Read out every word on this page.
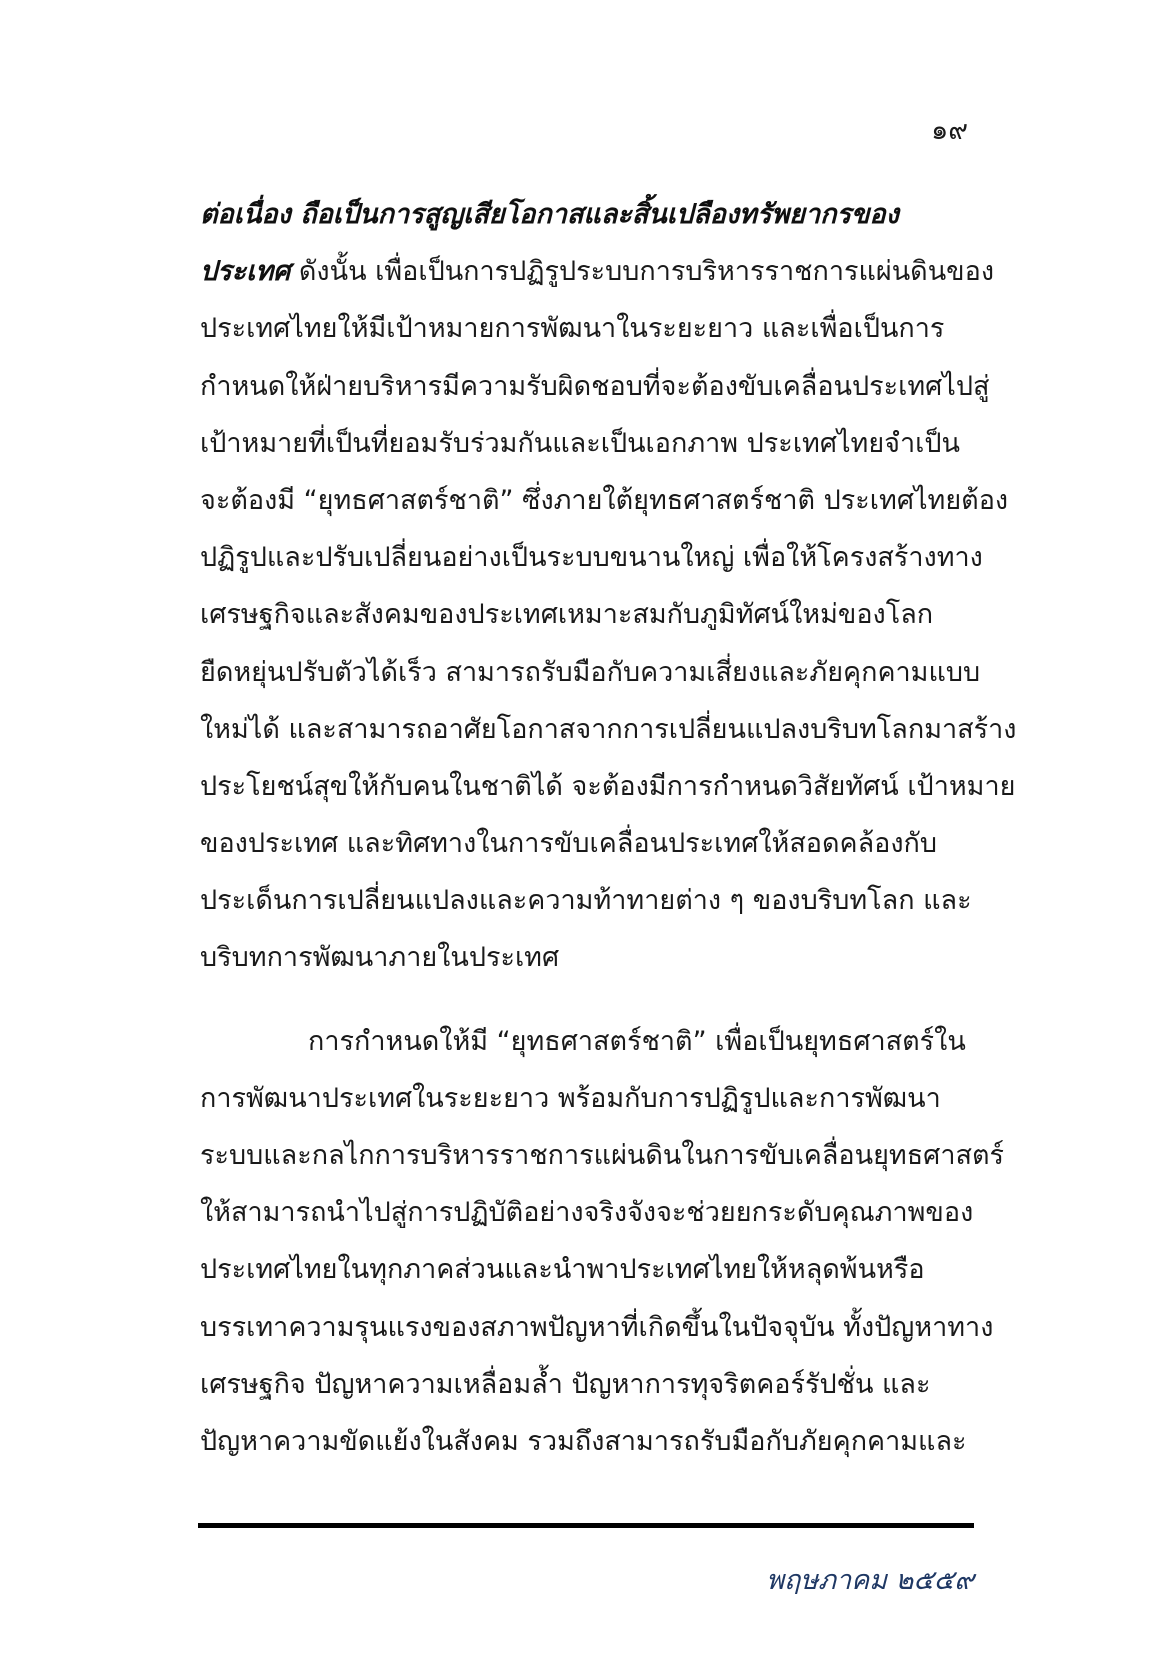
๑๙
ต่อเนื่อง ถือเป็นการสูญเสียโอกาสและสิ้นเปลืองทรัพยากรของ
ประเทศ ดังนั้น เพื่อเป็นการปฏิรูประบบการบริหารราชการแผ่นดินของ
ประเทศไทยให้มีเป้าหมายการพัฒนาในระยะยาว และเพื่อเป็นการ
กำหนดให้ฝ่ายบริหารมีความรับผิดชอบที่จะต้องขับเคลื่อนประเทศไปสู่
เป้าหมายที่เป็นที่ยอมรับร่วมกันและเป็นเอกภาพ ประเทศไทยจำเป็น
จะต้องมี “ยุทธศาสตร์ชาติ” ซึ่งภายใต้ยุทธศาสตร์ชาติ ประเทศไทยต้อง
ปฏิรูปและปรับเปลี่ยนอย่างเป็นระบบขนานใหญ่ เพื่อให้โครงสร้างทาง
เศรษฐกิจและสังคมของประเทศเหมาะสมกับภูมิทัศน์ใหม่ของโลก
ยืดหยุ่นปรับตัวได้เร็ว สามารถรับมือกับความเสี่ยงและภัยคุกคามแบบ
ใหม่ได้ และสามารถอาศัยโอกาสจากการเปลี่ยนแปลงบริบทโลกมาสร้าง
ประโยชน์สุขให้กับคนในชาติได้ จะต้องมีการกำหนดวิสัยทัศน์ เป้าหมาย
ของประเทศ และทิศทางในการขับเคลื่อนประเทศให้สอดคล้องกับ
ประเด็นการเปลี่ยนแปลงและความท้าทายต่าง ๆ ของบริบทโลก และ
บริบทการพัฒนาภายในประเทศ
การกำหนดให้มี “ยุทธศาสตร์ชาติ” เพื่อเป็นยุทธศาสตร์ใน
การพัฒนาประเทศในระยะยาว พร้อมกับการปฏิรูปและการพัฒนา
ระบบและกลไกการบริหารราชการแผ่นดินในการขับเคลื่อนยุทธศาสตร์
ให้สามารถนำไปสู่การปฏิบัติอย่างจริงจังจะช่วยยกระดับคุณภาพของ
ประเทศไทยในทุกภาคส่วนและนำพาประเทศไทยให้หลุดพ้นหรือ
บรรเทาความรุนแรงของสภาพปัญหาที่เกิดขึ้นในปัจจุบัน ทั้งปัญหาทาง
เศรษฐกิจ ปัญหาความเหลื่อมล้ำ ปัญหาการทุจริตคอร์รัปชั่น และ
ปัญหาความขัดแย้งในสังคม รวมถึงสามารถรับมือกับภัยคุกคามและ
พฤษภาคม ๒๕๕๙
